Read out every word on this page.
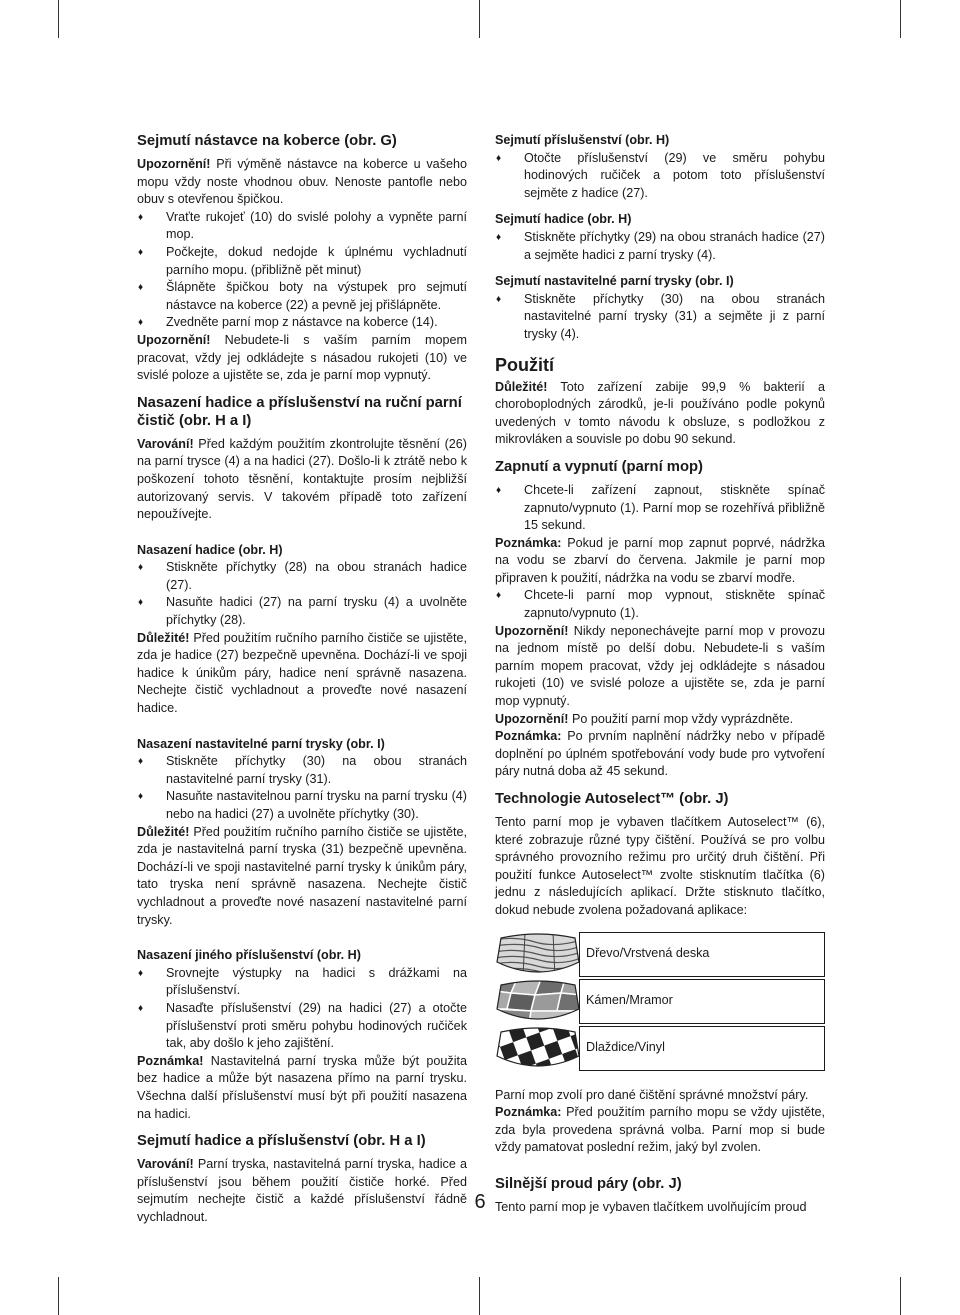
Sejmutí nástavce na koberce (obr. G)

Upozornění! Při výměně nástavce na koberce u vašeho mopu vždy noste vhodnou obuv. Nenoste pantofle nebo obuv s otevřenou špičkou.

♦ Vraťte rukojeť (10) do svislé polohy a vypněte parní mop.
♦ Počkejte, dokud nedojde k úplnému vychladnutí parního mopu. (přibližně pět minut)
♦ Šlápněte špičkou boty na výstupek pro sejmutí nástavce na koberce (22) a pevně jej přišlápněte.
♦ Zvedněte parní mop z nástavce na koberce (14).

Upozornění! Nebudete-li s vaším parním mopem pracovat, vždy jej odkládejte s násadou rukojeti (10) ve svislé poloze a ujistěte se, zda je parní mop vypnutý.

Nasazení hadice a příslušenství na ruční parní čistič (obr. H a I)

Varování! Před každým použitím zkontrolujte těsnění (26) na parní trysce (4) a na hadici (27). Došlo-li k ztrátě nebo k poškození tohoto těsnění, kontaktujte prosím nejbližší autorizovaný servis. V takovém případě toto zařízení nepoužívejte.

Nasazení hadice (obr. H)
♦ Stiskněte příchytky (28) na obou stranách hadice (27).
♦ Nasuňte hadici (27) na parní trysku (4) a uvolněte příchytky (28).

Důležité! Před použitím ručního parního čističe se ujistěte, zda je hadice (27) bezpečně upevněna. Dochází-li ve spoji hadice k únikům páry, hadice není správně nasazena. Nechejte čistič vychladnout a proveďte nové nasazení hadice.

Nasazení nastavitelné parní trysky (obr. I)
♦ Stiskněte příchytky (30) na obou stranách nastavitelné parní trysky (31).
♦ Nasuňte nastavitelnou parní trysku na parní trysku (4) nebo na hadici (27) a uvolněte příchytky (30).

Důležité! Před použitím ručního parního čističe se ujistěte, zda je nastavitelná parní tryska (31) bezpečně upevněna. Dochází-li ve spoji nastavitelné parní trysky k únikům páry, tato tryska není správně nasazena. Nechejte čistič vychladnout a proveďte nové nasazení nastavitelné parní trysky.

Nasazení jiného příslušenství (obr. H)
♦ Srovnejte výstupky na hadici s drážkami na příslušenství.
♦ Nasaďte příslušenství (29) na hadici (27) a otočte příslušenství proti směru pohybu hodinových ručiček tak, aby došlo k jeho zajištění.

Poznámka! Nastavitelná parní tryska může být použita bez hadice a může být nasazena přímo na parní trysku. Všechna další příslušenství musí být při použití nasazena na hadici.

Sejmutí hadice a příslušenství (obr. H a I)

Varování! Parní tryska, nastavitelná parní tryska, hadice a příslušenství jsou během použití čističe horké. Před sejmutím nechejte čistič a každé příslušenství řádně vychladnout.

Sejmutí příslušenství (obr. H)
♦ Otočte příslušenství (29) ve směru pohybu hodinových ručiček a potom toto příslušenství sejměte z hadice (27).
Sejmutí hadice (obr. H)
♦ Stiskněte příchytky (29) na obou stranách hadice (27) a sejměte hadici z parní trysky (4).
Sejmutí nastavitelné parní trysky (obr. I)
♦ Stiskněte příchytky (30) na obou stranách nastavitelné parní trysky (31) a sejměte ji z parní trysky (4).
Použití

Důležité! Toto zařízení zabije 99,9 % bakterií a choroboplodných zárodků, je-li používáno podle pokynů uvedených v tomto návodu k obsluze, s podložkou z mikrovláken a souvisle po dobu 90 sekund.

Zapnutí a vypnutí (parní mop)
♦ Chcete-li zařízení zapnout, stiskněte spínač zapnuto/vypnuto (1). Parní mop se rozehřívá přibližně 15 sekund.

Poznámka: Pokud je parní mop zapnut poprvé, nádržka na vodu se zbarví do červena. Jakmile je parní mop připraven k použití, nádržka na vodu se zbarví modře.

♦ Chcete-li parní mop vypnout, stiskněte spínač zapnuto/vypnuto (1).

Upozornění! Nikdy neponechávejte parní mop v provozu na jednom místě po delší dobu. Nebudete-li s vaším parním mopem pracovat, vždy jej odkládejte s násadou rukojeti (10) ve svislé poloze a ujistěte se, zda je parní mop vypnutý.

Upozornění! Po použití parní mop vždy vyprázdněte.

Poznámka: Po prvním naplnění nádržky nebo v případě doplnění po úplném spotřebování vody bude pro vytvoření páry nutná doba až 45 sekund.

Technologie Autoselect™ (obr. J)

Tento parní mop je vybaven tlačítkem Autoselect™ (6), které zobrazuje různé typy čištění. Používá se pro volbu správného provozního režimu pro určitý druh čištění. Při použití funkce Autoselect™ zvolte stisknutím tlačítka (6) jednu z následujících aplikací. Držte stisknuto tlačítko, dokud nebude zvolena požadovaná aplikace:

Dřevo/Vrstvená deska
Kámen/Mramor
Dlaždice/Vinyl

Parní mop zvolí pro dané čištění správné množství páry.

Poznámka: Před použitím parního mopu se vždy ujistěte, zda byla provedena správná volba. Parní mop si bude vždy pamatovat poslední režim, jaký byl zvolen.

Silnější proud páry (obr. J)

Tento parní mop je vybaven tlačítkem uvolňujícím proud

6
